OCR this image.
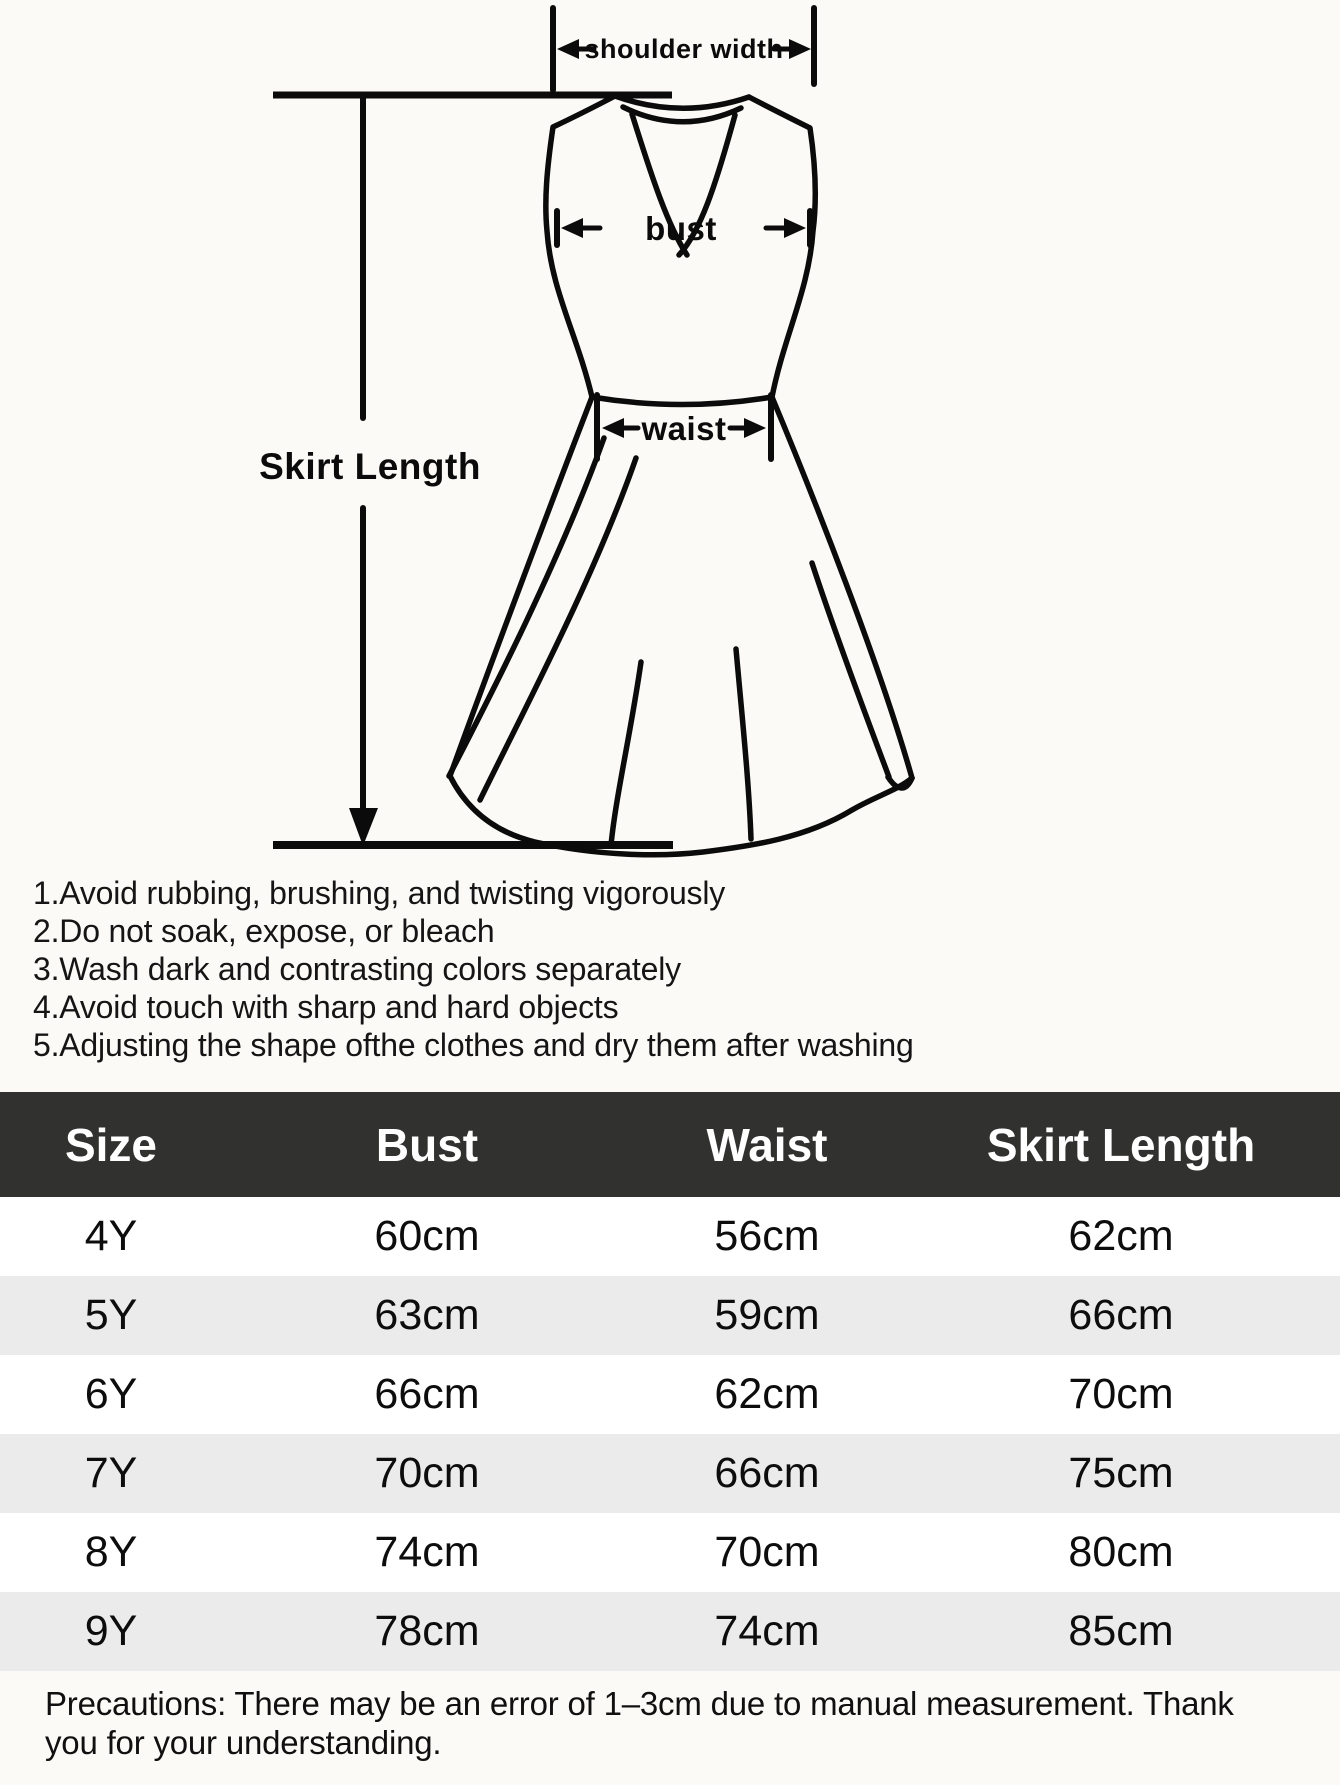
shoulder width
bust
waist
Skirt Length
1.Avoid rubbing, brushing, and twisting vigorously
2.Do not soak, expose, or bleach
3.Wash dark and contrasting colors separately
4.Avoid touch with sharp and hard objects
5.Adjusting the shape ofthe clothes and dry them after washing
Size	Bust	Waist	Skirt Length
4Y	60cm	56cm	62cm
5Y	63cm	59cm	66cm
6Y	66cm	62cm	70cm
7Y	70cm	66cm	75cm
8Y	74cm	70cm	80cm
9Y	78cm	74cm	85cm
Precautions: There may be an error of 1–3cm due to manual measurement. Thank you for your understanding.
